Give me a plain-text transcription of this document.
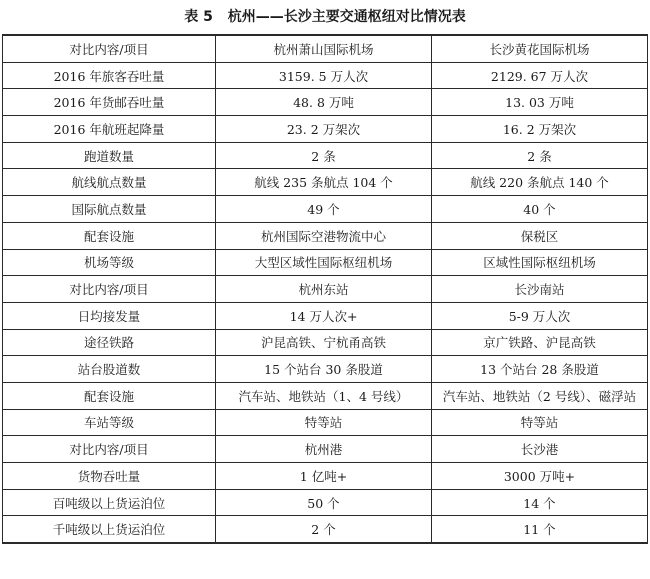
表 5 杭州——长沙主要交通枢纽对比情况表
对比内容/项目	杭州萧山国际机场	长沙黄花国际机场
2016 年旅客吞吐量	3159. 5 万人次	2129. 67 万人次
2016 年货邮吞吐量	48. 8 万吨	13. 03 万吨
2016 年航班起降量	23. 2 万架次	16. 2 万架次
跑道数量	2 条	2 条
航线航点数量	航线 235 条航点 104 个	航线 220 条航点 140 个
国际航点数量	49 个	40 个
配套设施	杭州国际空港物流中心	保税区
机场等级	大型区域性国际枢纽机场	区域性国际枢纽机场
对比内容/项目	杭州东站	长沙南站
日均接发量	14 万人次+	5-9 万人次
途径铁路	沪昆高铁、宁杭甬高铁	京广铁路、沪昆高铁
站台股道数	15 个站台 30 条股道	13 个站台 28 条股道
配套设施	汽车站、地铁站（1、4 号线）	汽车站、地铁站（2 号线）、磁浮站
车站等级	特等站	特等站
对比内容/项目	杭州港	长沙港
货物吞吐量	1 亿吨+	3000 万吨+
百吨级以上货运泊位	50 个	14 个
千吨级以上货运泊位	2 个	11 个
